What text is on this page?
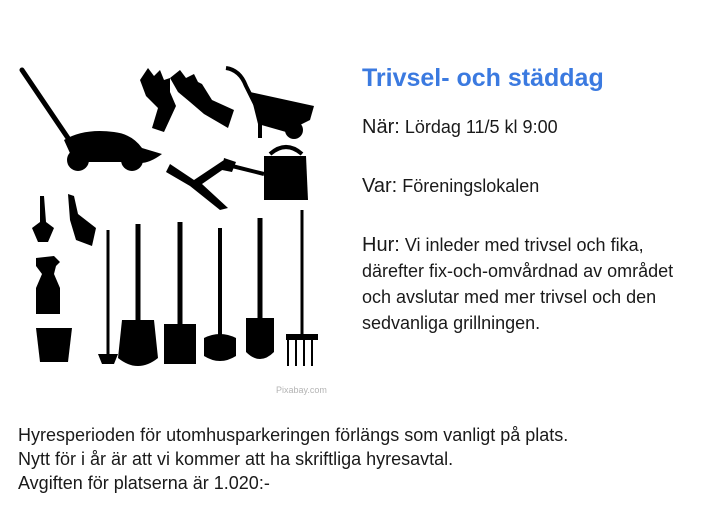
Pixabay.com
Trivsel- och städdag

När: Lördag 11/5 kl 9:00

Var: Föreningslokalen

Hur: Vi inleder med trivsel och fika, därefter fix-och-omvårdnad av området och avslutar med mer trivsel och den sedvanliga grillningen.

Hyresperioden för utomhusparkeringen förlängs som vanligt på plats.

Nytt för i år är att vi kommer att ha skriftliga hyresavtal.

Avgiften för platserna är 1.020:-
